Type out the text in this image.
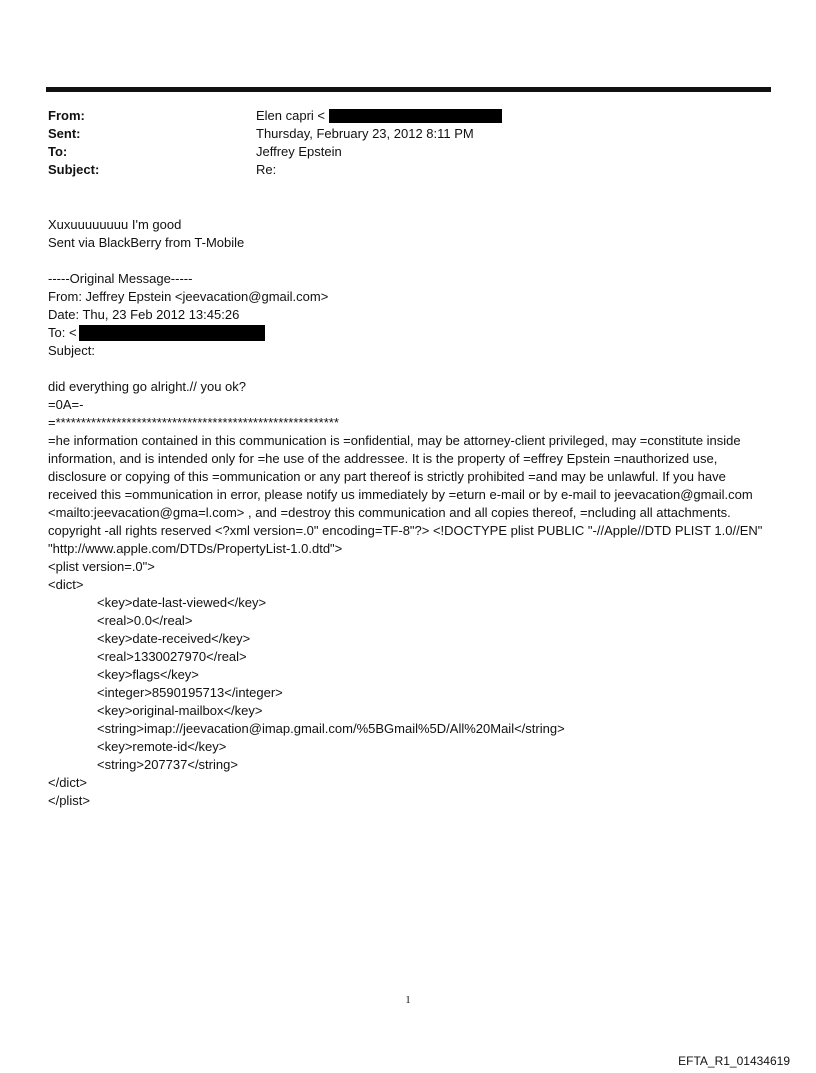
From:	Elen capri <
Sent:	Thursday, February 23, 2012 8:11 PM
To:	Jeffrey Epstein
Subject:	Re:
Xuxuuuuuuuu I'm good
Sent via BlackBerry from T-Mobile
-----Original Message-----
From: Jeffrey Epstein <jeevacation@gmail.com>
Date: Thu, 23 Feb 2012 13:45:26
To: <
Subject:
did everything go alright.// you ok?
=0A=-
=********************************************************
=he information contained in this communication is =onfidential, may be attorney-client privileged, may =constitute inside information, and is intended only for =he use of the addressee. It is the property of =effrey Epstein =nauthorized use, disclosure or copying of this =ommunication or any part thereof is strictly prohibited =and may be unlawful. If you have received this =ommunication in error, please notify us immediately by =eturn e-mail or by e-mail to jeevacation@gmail.com <mailto:jeevacation@gma=l.com> , and =destroy this communication and all copies thereof, =ncluding all attachments. copyright -all rights reserved <?xml version=.0" encoding=TF-8"?> <!DOCTYPE plist PUBLIC "-//Apple//DTD PLIST 1.0//EN" "http://www.apple.com/DTDs/PropertyList-1.0.dtd">
<plist version=.0">
<dict>
<key>date-last-viewed</key>
<real>0.0</real>
<key>date-received</key>
<real>1330027970</real>
<key>flags</key>
<integer>8590195713</integer>
<key>original-mailbox</key>
<string>imap://jeevacation@imap.gmail.com/%5BGmail%5D/All%20Mail</string>
<key>remote-id</key>
<string>207737</string>
</dict>
</plist>
1
EFTA_R1_01434619
